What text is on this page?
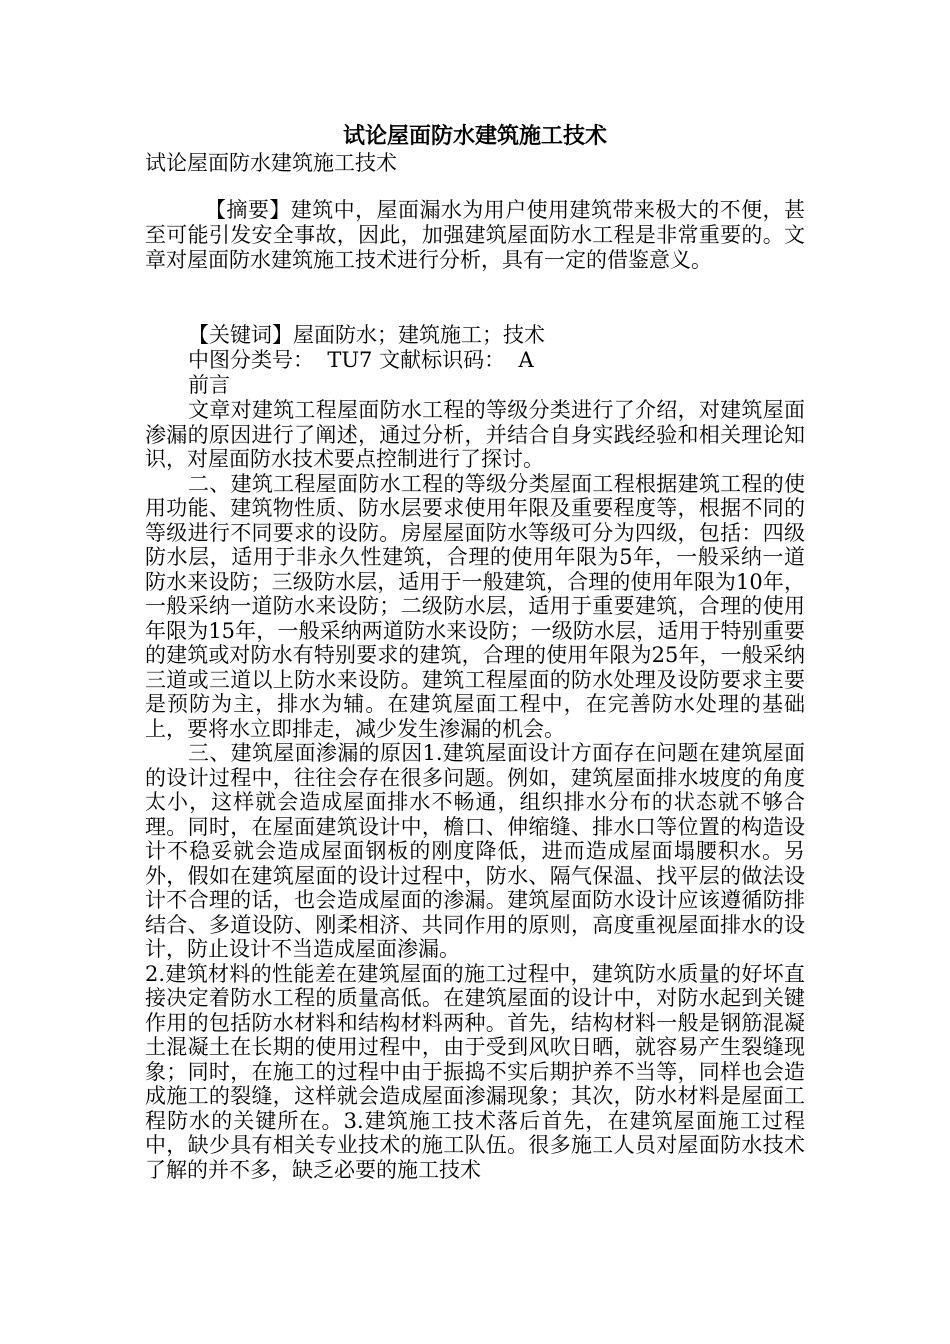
试论屋面防水建筑施工技术
试论屋面防水建筑施工技术

【摘要】建筑中，屋面漏水为用户使用建筑带来极大的不便，甚至可能引发安全事故，因此，加强建筑屋面防水工程是非常重要的。文章对屋面防水建筑施工技术进行分析，具有一定的借鉴意义。

【关键词】屋面防水；建筑施工；技术

中图分类号：  TU7 文献标识码：  A

前言

文章对建筑工程屋面防水工程的等级分类进行了介绍，对建筑屋面渗漏的原因进行了阐述，通过分析，并结合自身实践经验和相关理论知识，对屋面防水技术要点控制进行了探讨。

二、建筑工程屋面防水工程的等级分类屋面工程根据建筑工程的使用功能、建筑物性质、防水层要求使用年限及重要程度等，根据不同的等级进行不同要求的设防。房屋屋面防水等级可分为四级，包括：四级防水层，适用于非永久性建筑，合理的使用年限为5年，一般采纳一道防水来设防；三级防水层，适用于一般建筑，合理的使用年限为10年，一般采纳一道防水来设防；二级防水层，适用于重要建筑，合理的使用年限为15年，一般采纳两道防水来设防；一级防水层，适用于特别重要的建筑或对防水有特别要求的建筑，合理的使用年限为25年，一般采纳三道或三道以上防水来设防。建筑工程屋面的防水处理及设防要求主要是预防为主，排水为辅。在建筑屋面工程中，在完善防水处理的基础上，要将水立即排走，减少发生渗漏的机会。

三、建筑屋面渗漏的原因1.建筑屋面设计方面存在问题在建筑屋面的设计过程中，往往会存在很多问题。例如，建筑屋面排水坡度的角度太小，这样就会造成屋面排水不畅通，组织排水分布的状态就不够合理。同时，在屋面建筑设计中，檐口、伸缩缝、排水口等位置的构造设计不稳妥就会造成屋面钢板的刚度降低，进而造成屋面塌腰积水。另外，假如在建筑屋面的设计过程中，防水、隔气保温、找平层的做法设计不合理的话，也会造成屋面的渗漏。建筑屋面防水设计应该遵循防排结合、多道设防、刚柔相济、共同作用的原则，高度重视屋面排水的设计，防止设计不当造成屋面渗漏。

2.建筑材料的性能差在建筑屋面的施工过程中，建筑防水质量的好坏直接决定着防水工程的质量高低。在建筑屋面的设计中，对防水起到关键作用的包括防水材料和结构材料两种。首先，结构材料一般是钢筋混凝土混凝土在长期的使用过程中，由于受到风吹日晒，就容易产生裂缝现象；同时，在施工的过程中由于振捣不实后期护养不当等，同样也会造成施工的裂缝，这样就会造成屋面渗漏现象；其次，防水材料是屋面工程防水的关键所在。3.建筑施工技术落后首先，在建筑屋面施工过程中，缺少具有相关专业技术的施工队伍。很多施工人员对屋面防水技术了解的并不多，缺乏必要的施工技术
